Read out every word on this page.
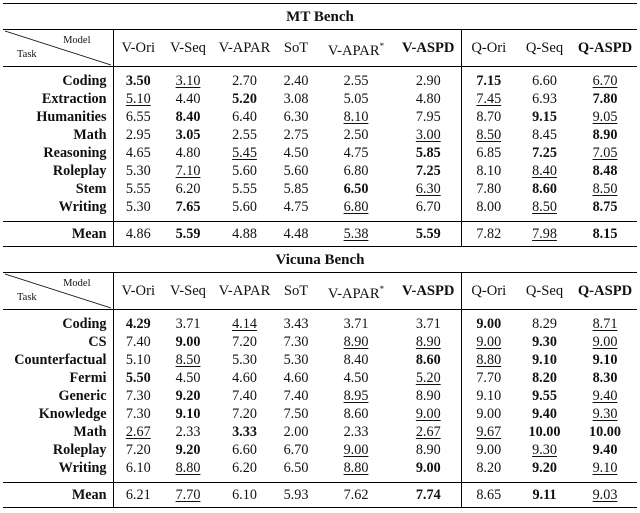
MT Bench									

Model
Task	V-Ori	V-Seq	V-APAR	SoT	V-APAR*	V-ASPD	Q-Ori	Q-Seq	Q-ASPD

Coding	3.50	3.10	2.70	2.40	2.55	2.90	7.15	6.60	6.70
Extraction	5.10	4.40	5.20	3.08	5.05	4.80	7.45	6.93	7.80
Humanities	6.55	8.40	6.40	6.30	8.10	7.95	8.70	9.15	9.05
Math	2.95	3.05	2.55	2.75	2.50	3.00	8.50	8.45	8.90
Reasoning	4.65	4.80	5.45	4.50	4.75	5.85	6.85	7.25	7.05
Roleplay	5.30	7.10	5.60	5.60	6.80	7.25	8.10	8.40	8.48
Stem	5.55	6.20	5.55	5.85	6.50	6.30	7.80	8.60	8.50
Writing	5.30	7.65	5.60	4.75	6.80	6.70	8.00	8.50	8.75

Mean	4.86	5.59	4.88	4.48	5.38	5.59	7.82	7.98	8.15
Vicuna Bench									

Model
Task	V-Ori	V-Seq	V-APAR	SoT	V-APAR*	V-ASPD	Q-Ori	Q-Seq	Q-ASPD

Coding	4.29	3.71	4.14	3.43	3.71	3.71	9.00	8.29	8.71
CS	7.40	9.00	7.20	7.30	8.90	8.90	9.00	9.30	9.00
Counterfactual	5.10	8.50	5.30	5.30	8.40	8.60	8.80	9.10	9.10
Fermi	5.50	4.50	4.60	4.60	4.50	5.20	7.70	8.20	8.30
Generic	7.30	9.20	7.40	7.40	8.95	8.90	9.10	9.55	9.40
Knowledge	7.30	9.10	7.20	7.50	8.60	9.00	9.00	9.40	9.30
Math	2.67	2.33	3.33	2.00	2.33	2.67	9.67	10.00	10.00
Roleplay	7.20	9.20	6.60	6.70	9.00	8.90	9.00	9.30	9.40
Writing	6.10	8.80	6.20	6.50	8.80	9.00	8.20	9.20	9.10

Mean	6.21	7.70	6.10	5.93	7.62	7.74	8.65	9.11	9.03
